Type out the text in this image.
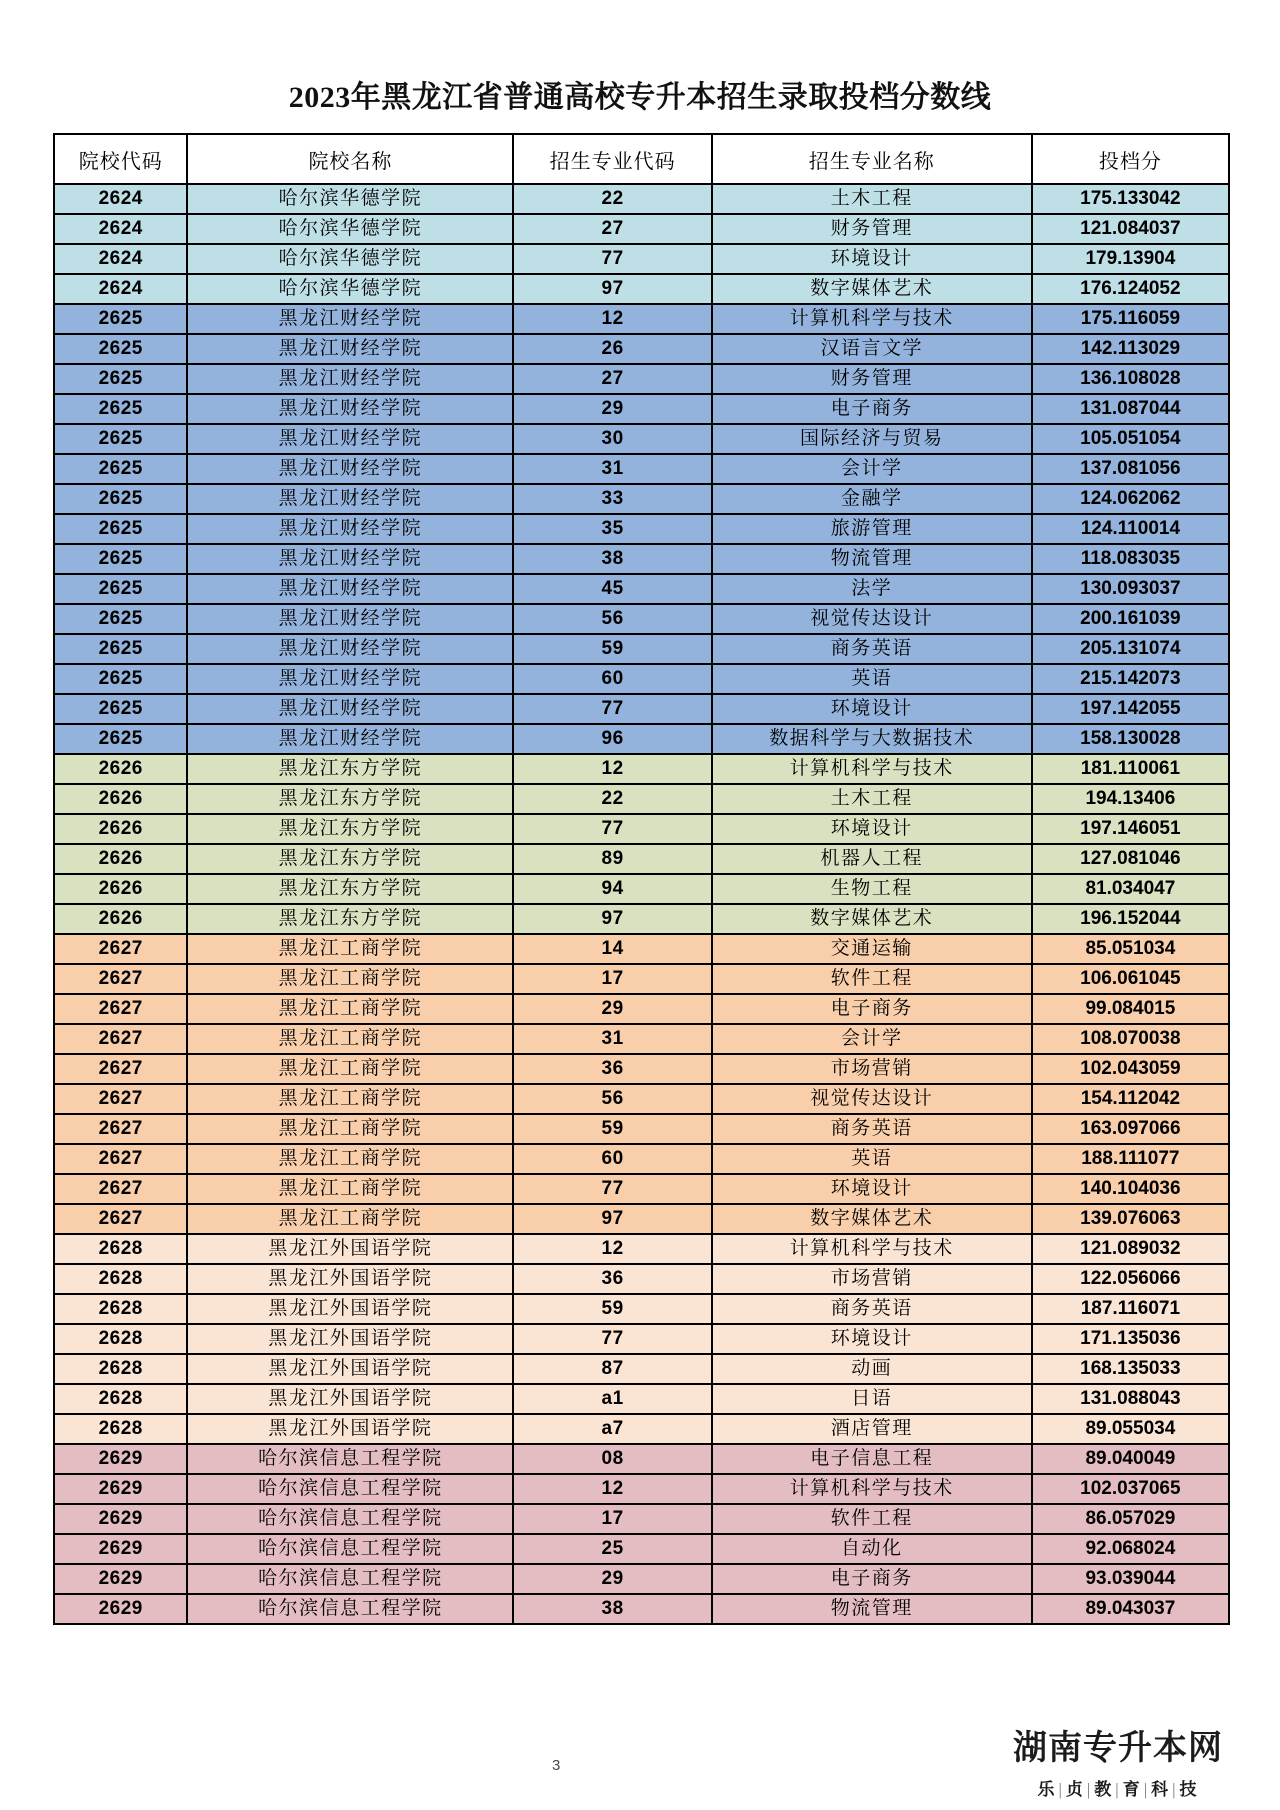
2023年黑龙江省普通高校专升本招生录取投档分数线
院校代码	院校名称	招生专业代码	招生专业名称	投档分
2624	哈尔滨华德学院	22	土木工程	175.133042
2624	哈尔滨华德学院	27	财务管理	121.084037
2624	哈尔滨华德学院	77	环境设计	179.13904
2624	哈尔滨华德学院	97	数字媒体艺术	176.124052
2625	黑龙江财经学院	12	计算机科学与技术	175.116059
2625	黑龙江财经学院	26	汉语言文学	142.113029
2625	黑龙江财经学院	27	财务管理	136.108028
2625	黑龙江财经学院	29	电子商务	131.087044
2625	黑龙江财经学院	30	国际经济与贸易	105.051054
2625	黑龙江财经学院	31	会计学	137.081056
2625	黑龙江财经学院	33	金融学	124.062062
2625	黑龙江财经学院	35	旅游管理	124.110014
2625	黑龙江财经学院	38	物流管理	118.083035
2625	黑龙江财经学院	45	法学	130.093037
2625	黑龙江财经学院	56	视觉传达设计	200.161039
2625	黑龙江财经学院	59	商务英语	205.131074
2625	黑龙江财经学院	60	英语	215.142073
2625	黑龙江财经学院	77	环境设计	197.142055
2625	黑龙江财经学院	96	数据科学与大数据技术	158.130028
2626	黑龙江东方学院	12	计算机科学与技术	181.110061
2626	黑龙江东方学院	22	土木工程	194.13406
2626	黑龙江东方学院	77	环境设计	197.146051
2626	黑龙江东方学院	89	机器人工程	127.081046
2626	黑龙江东方学院	94	生物工程	81.034047
2626	黑龙江东方学院	97	数字媒体艺术	196.152044
2627	黑龙江工商学院	14	交通运输	85.051034
2627	黑龙江工商学院	17	软件工程	106.061045
2627	黑龙江工商学院	29	电子商务	99.084015
2627	黑龙江工商学院	31	会计学	108.070038
2627	黑龙江工商学院	36	市场营销	102.043059
2627	黑龙江工商学院	56	视觉传达设计	154.112042
2627	黑龙江工商学院	59	商务英语	163.097066
2627	黑龙江工商学院	60	英语	188.111077
2627	黑龙江工商学院	77	环境设计	140.104036
2627	黑龙江工商学院	97	数字媒体艺术	139.076063
2628	黑龙江外国语学院	12	计算机科学与技术	121.089032
2628	黑龙江外国语学院	36	市场营销	122.056066
2628	黑龙江外国语学院	59	商务英语	187.116071
2628	黑龙江外国语学院	77	环境设计	171.135036
2628	黑龙江外国语学院	87	动画	168.135033
2628	黑龙江外国语学院	a1	日语	131.088043
2628	黑龙江外国语学院	a7	酒店管理	89.055034
2629	哈尔滨信息工程学院	08	电子信息工程	89.040049
2629	哈尔滨信息工程学院	12	计算机科学与技术	102.037065
2629	哈尔滨信息工程学院	17	软件工程	86.057029
2629	哈尔滨信息工程学院	25	自动化	92.068024
2629	哈尔滨信息工程学院	29	电子商务	93.039044
2629	哈尔滨信息工程学院	38	物流管理	89.043037
3	湖南专升本网
乐 | 贞 | 教 | 育 | 科 | 技
